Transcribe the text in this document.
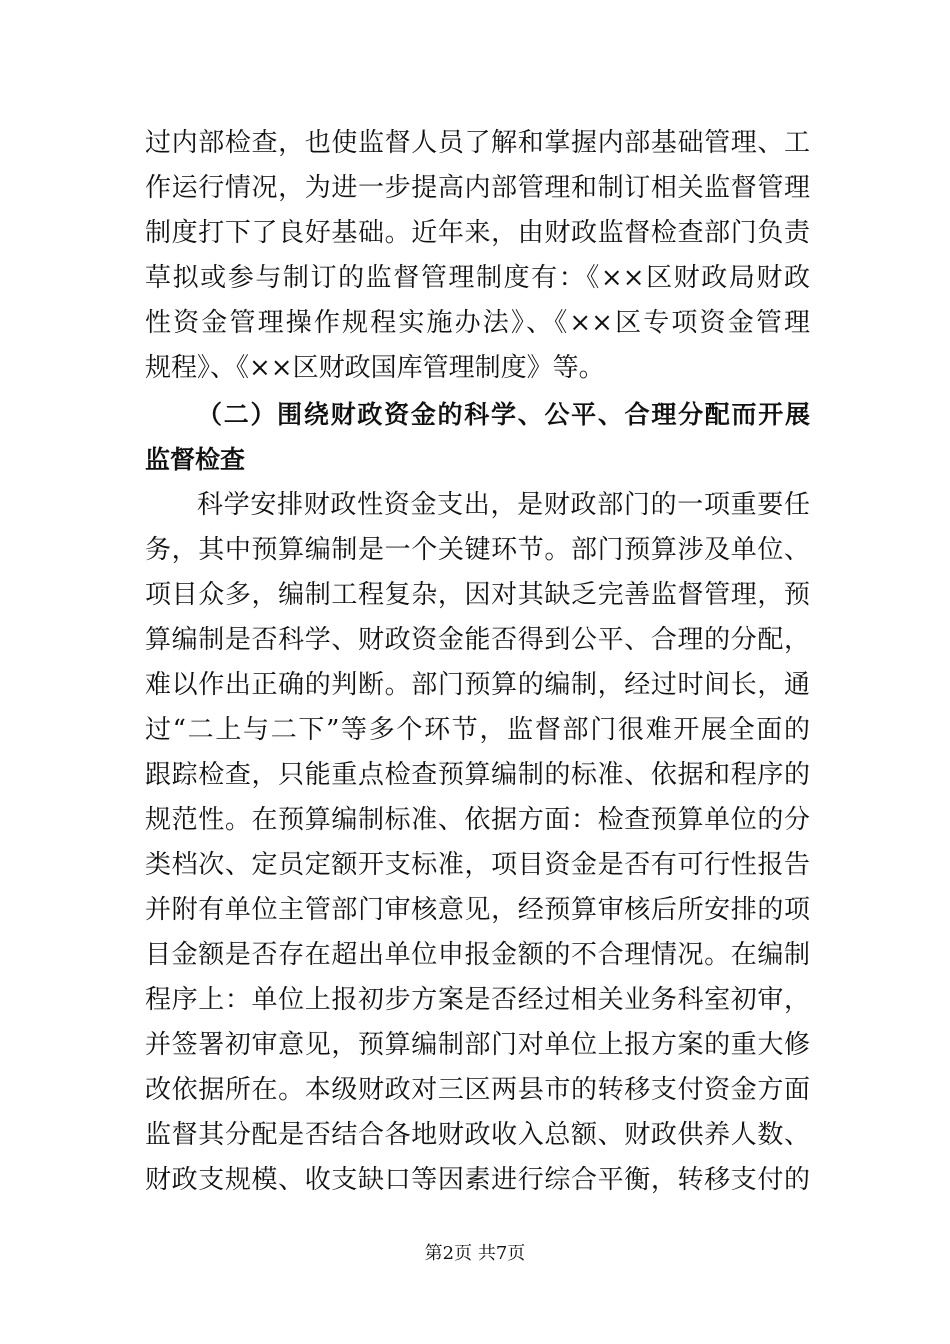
过内部检查，也使监督人员了解和掌握内部基础管理、工
作运行情况，为进一步提高内部管理和制订相关监督管理
制度打下了良好基础。近年来，由财政监督检查部门负责
草拟或参与制订的监督管理制度有：《××区财政局财政
性资金管理操作规程实施办法》、《××区专项资金管理
规程》、《××区财政国库管理制度》等。
（二）围绕财政资金的科学、公平、合理分配而开展
监督检查
科学安排财政性资金支出，是财政部门的一项重要任
务，其中预算编制是一个关键环节。部门预算涉及单位、
项目众多，编制工程复杂，因对其缺乏完善监督管理，预
算编制是否科学、财政资金能否得到公平、合理的分配，
难以作出正确的判断。部门预算的编制，经过时间长，通
过“二上与二下”等多个环节，监督部门很难开展全面的
跟踪检查，只能重点检查预算编制的标准、依据和程序的
规范性。在预算编制标准、依据方面：检查预算单位的分
类档次、定员定额开支标准，项目资金是否有可行性报告
并附有单位主管部门审核意见，经预算审核后所安排的项
目金额是否存在超出单位申报金额的不合理情况。在编制
程序上：单位上报初步方案是否经过相关业务科室初审，
并签署初审意见，预算编制部门对单位上报方案的重大修
改依据所在。本级财政对三区两县市的转移支付资金方面
监督其分配是否结合各地财政收入总额、财政供养人数、
财政支规模、收支缺口等因素进行综合平衡，转移支付的
第2页 共7页
